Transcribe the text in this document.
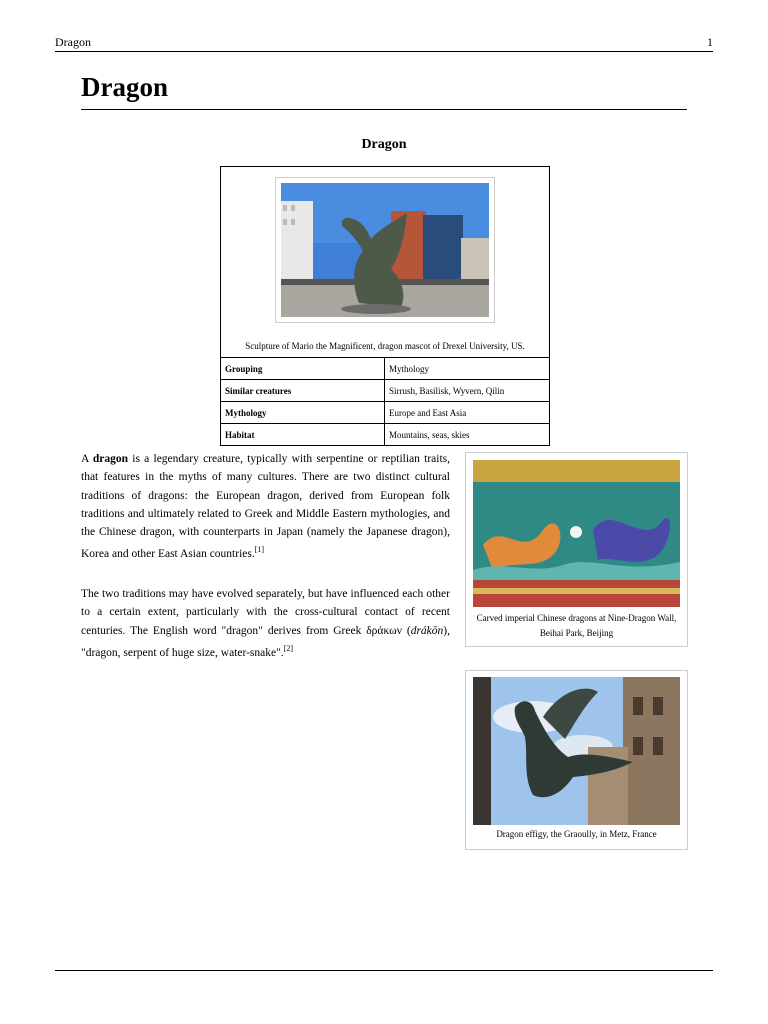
Dragon	1
Dragon
Dragon
Sculpture of Mario the Magnificent, dragon mascot of Drexel University, US.
Grouping	Mythology
Similar creatures	Sirrush, Basilisk, Wyvern, Qilin
Mythology	Europe and East Asia
Habitat	Mountains, seas, skies
A dragon is a legendary creature, typically with serpentine or reptilian traits, that features in the myths of many cultures. There are two distinct cultural traditions of dragons: the European dragon, derived from European folk traditions and ultimately related to Greek and Middle Eastern mythologies, and the Chinese dragon, with counterparts in Japan (namely the Japanese dragon), Korea and other East Asian countries.[1]
The two traditions may have evolved separately, but have influenced each other to a certain extent, particularly with the cross-cultural contact of recent centuries. The English word "dragon" derives from Greek δράκων (drákōn), "dragon, serpent of huge size, water-snake".[2]
Carved imperial Chinese dragons at Nine-Dragon Wall, Beihai Park, Beijing
Dragon effigy, the Graoully, in Metz, France
